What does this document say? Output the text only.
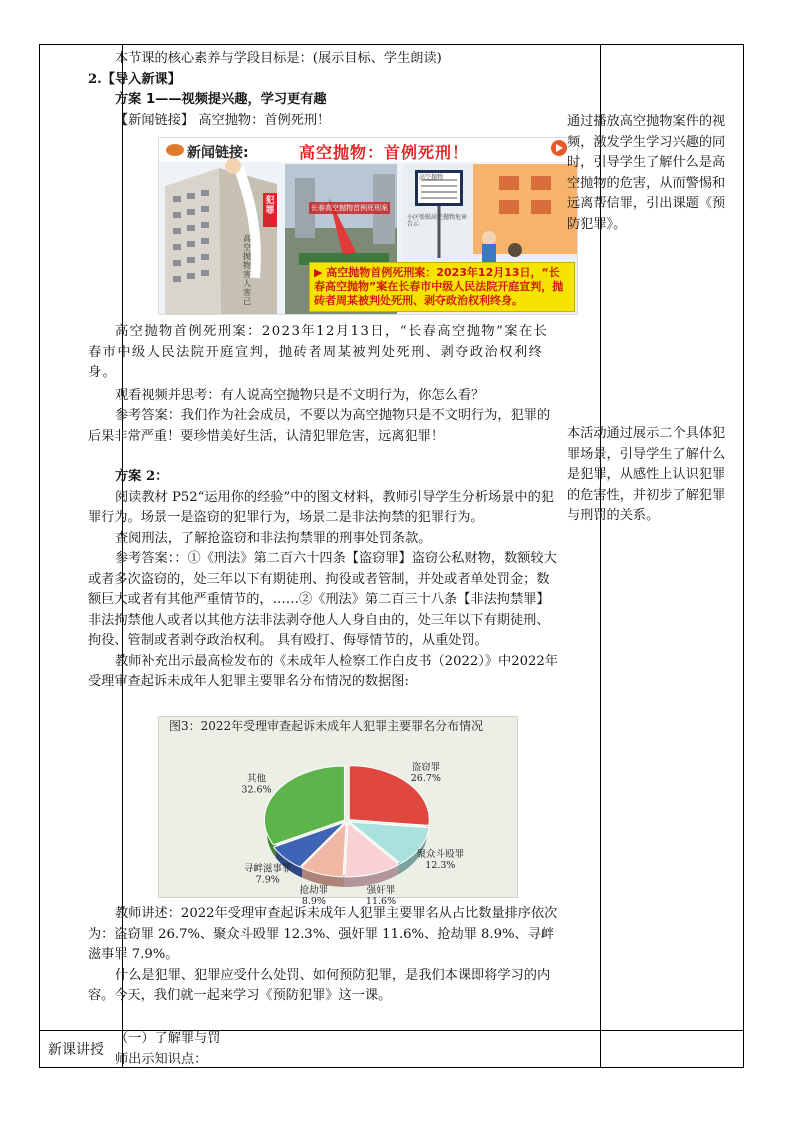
本节课的核心素养与学段目标是：(展示目标、学生朗读)

2.【导入新课】

方案 1——视频提兴趣，学习更有趣

【新闻链接】 高空抛物：首例死刑！

新闻链接:	高空抛物：首例死刑！
犯罪
高空抛物害人害己
高空抛物
长春高空抛物首例死刑案
小区张贴高空抛物危害告示
▶ 高空抛物首例死刑案：2023年12月13日，“长春高空抛物”案在长春市中级人民法院开庭宣判，抛砖者周某被判处死刑、剥夺政治权利终身。

高空抛物首例死刑案：2023年12月13日，“长春高空抛物”案在长春市中级人民法院开庭宣判，抛砖者周某被判处死刑、剥夺政治权利终身。

观看视频并思考：有人说高空抛物只是不文明行为，你怎么看？

参考答案：我们作为社会成员，不要以为高空抛物只是不文明行为，犯罪的后果非常严重！要珍惜美好生活，认清犯罪危害，远离犯罪！

方案 2：

阅读教材 P52“运用你的经验”中的图文材料，教师引导学生分析场景中的犯罪行为。场景一是盗窃的犯罪行为，场景二是非法拘禁的犯罪行为。

查阅刑法，了解抢盗窃和非法拘禁罪的刑事处罚条款。

参考答案：：①《刑法》第二百六十四条【盗窃罪】盗窃公私财物，数额较大或者多次盗窃的，处三年以下有期徒刑、拘役或者管制，并处或者单处罚金；数额巨大或者有其他严重情节的，……②《刑法》第二百三十八条【非法拘禁罪】非法拘禁他人或者以其他方法非法剥夺他人人身自由的，处三年以下有期徒刑、拘役、管制或者剥夺政治权利。 具有殴打、侮辱情节的，从重处罚。

教师补充出示最高检发布的《未成年人检察工作白皮书（2022）》中2022年受理审查起诉未成年人犯罪主要罪名分布情况的数据图:

图3：2022年受理审查起诉未成年人犯罪主要罪名分布情况
盗窃罪
26.7%
聚众斗殴罪
12.3%
强奸罪
11.6%
抢劫罪
8.9%
寻衅滋事罪
7.9%
其他
32.6%

教师讲述：2022年受理审查起诉未成年人犯罪主要罪名从占比数量排序依次为：盗窃罪 26.7%、聚众斗殴罪 12.3%、强奸罪 11.6%、抢劫罪 8.9%、寻衅滋事罪 7.9%。

什么是犯罪、犯罪应受什么处罚、如何预防犯罪，是我们本课即将学习的内容。今天，我们就一起来学习《预防犯罪》这一课。

通过播放高空抛物案件的视频，激发学生学习兴趣的同时，引导学生了解什么是高空抛物的危害，从而警惕和远离帮信罪，引出课题《预防犯罪》。
本活动通过展示二个具体犯罪场景，引导学生了解什么是犯罪，从感性上认识犯罪的危害性，并初步了解犯罪与刑罚的关系。
新课讲授

（一）了解罪与罚

师出示知识点：
